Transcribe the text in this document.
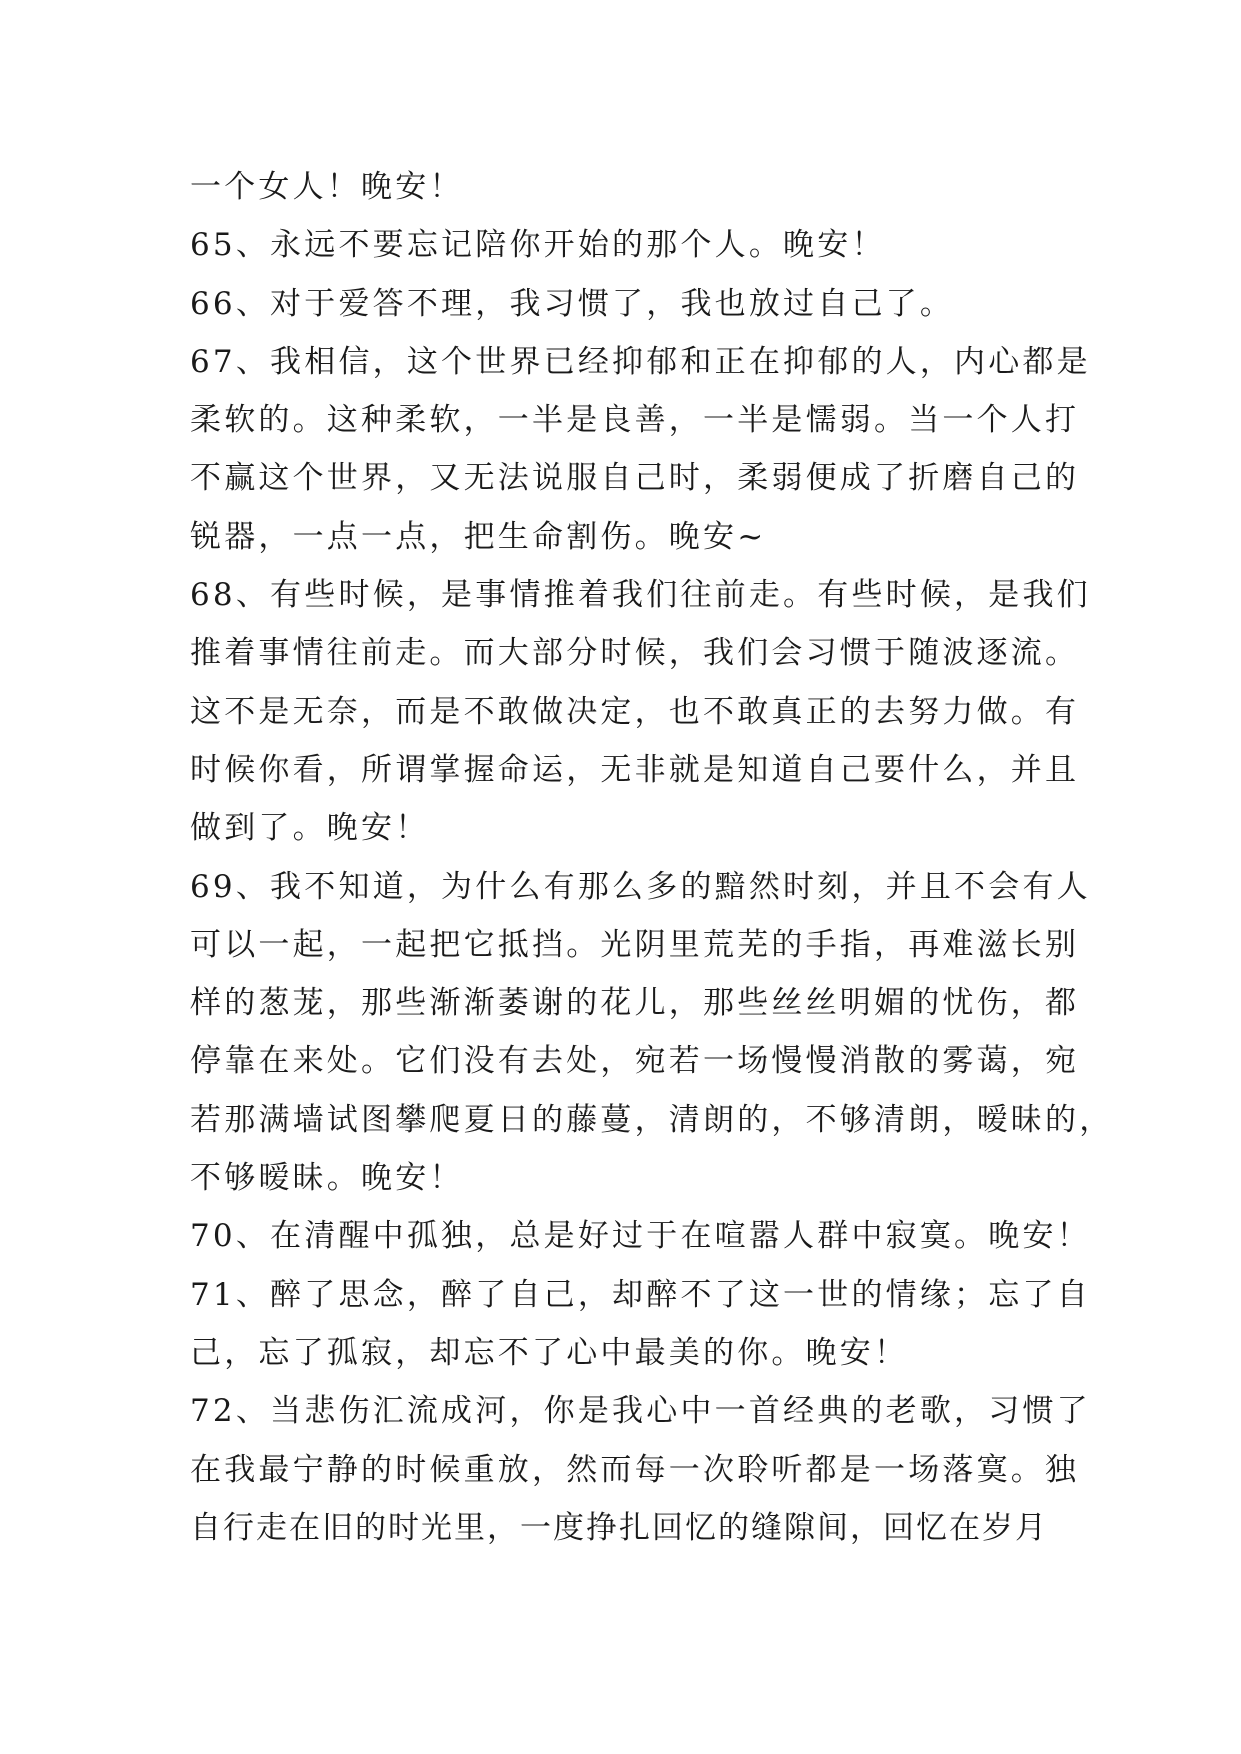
一个女人！晚安！
65、永远不要忘记陪你开始的那个人。晚安！
66、对于爱答不理，我习惯了，我也放过自己了。
67、我相信，这个世界已经抑郁和正在抑郁的人，内心都是
柔软的。这种柔软，一半是良善，一半是懦弱。当一个人打
不赢这个世界，又无法说服自己时，柔弱便成了折磨自己的
锐器，一点一点，把生命割伤。晚安~
68、有些时候，是事情推着我们往前走。有些时候，是我们
推着事情往前走。而大部分时候，我们会习惯于随波逐流。
这不是无奈，而是不敢做决定，也不敢真正的去努力做。有
时候你看，所谓掌握命运，无非就是知道自己要什么，并且
做到了。晚安！
69、我不知道，为什么有那么多的黯然时刻，并且不会有人
可以一起，一起把它抵挡。光阴里荒芜的手指，再难滋长别
样的葱茏，那些渐渐萎谢的花儿，那些丝丝明媚的忧伤，都
停靠在来处。它们没有去处，宛若一场慢慢消散的雾蔼，宛
若那满墙试图攀爬夏日的藤蔓，清朗的，不够清朗，暧昧的，
不够暧昧。晚安！
70、在清醒中孤独，总是好过于在喧嚣人群中寂寞。晚安！
71、醉了思念，醉了自己，却醉不了这一世的情缘；忘了自
己，忘了孤寂，却忘不了心中最美的你。晚安！
72、当悲伤汇流成河，你是我心中一首经典的老歌，习惯了
在我最宁静的时候重放，然而每一次聆听都是一场落寞。独
自行走在旧的时光里，一度挣扎回忆的缝隙间，回忆在岁月
